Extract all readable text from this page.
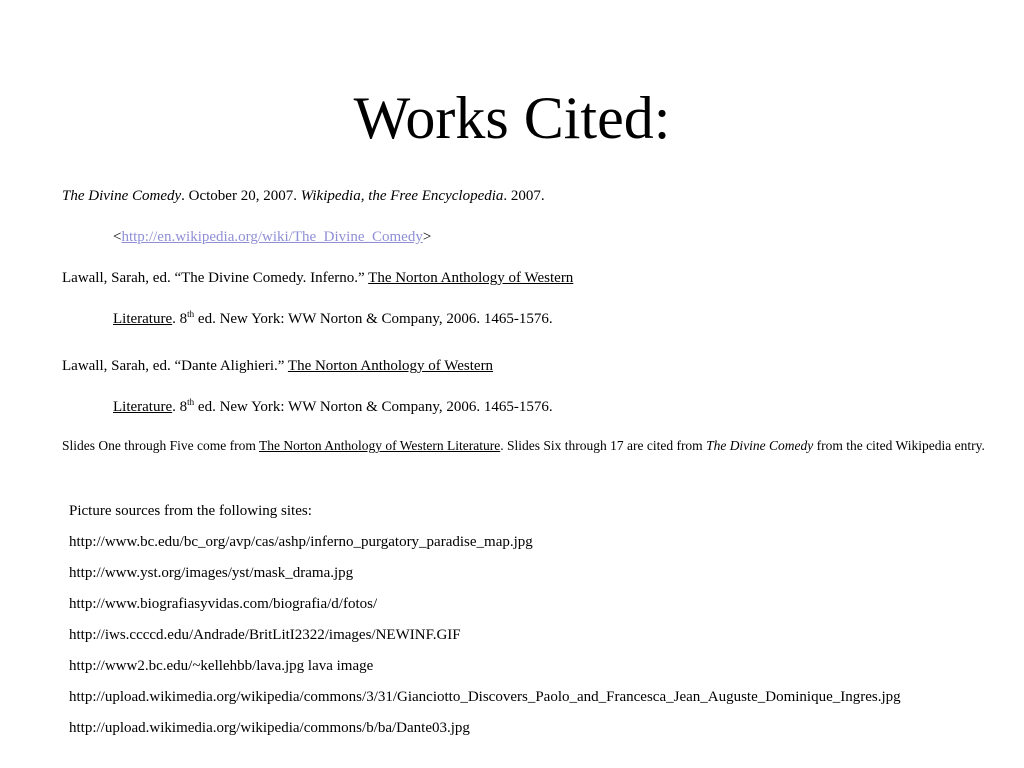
Works Cited:
The Divine Comedy. October 20, 2007. Wikipedia, the Free Encyclopedia. 2007.
<http://en.wikipedia.org/wiki/The_Divine_Comedy>
Lawall, Sarah, ed. “The Divine Comedy. Inferno.” The Norton Anthology of Western
Literature. 8th ed. New York: WW Norton & Company, 2006. 1465-1576.
Lawall, Sarah, ed. “Dante Alighieri.” The Norton Anthology of Western
Literature. 8th ed. New York: WW Norton & Company, 2006. 1465-1576.
Slides One through Five come from The Norton Anthology of Western Literature. Slides Six through 17 are cited from The Divine Comedy from the cited Wikipedia entry.
Picture sources from the following sites:
http://www.bc.edu/bc_org/avp/cas/ashp/inferno_purgatory_paradise_map.jpg
http://www.yst.org/images/yst/mask_drama.jpg
http://www.biografiasyvidas.com/biografia/d/fotos/
http://iws.ccccd.edu/Andrade/BritLitI2322/images/NEWINF.GIF
http://www2.bc.edu/~kellehbb/lava.jpg lava image
http://upload.wikimedia.org/wikipedia/commons/3/31/Gianciotto_Discovers_Paolo_and_Francesca_Jean_Auguste_Dominique_Ingres.jpg
http://upload.wikimedia.org/wikipedia/commons/b/ba/Dante03.jpg
